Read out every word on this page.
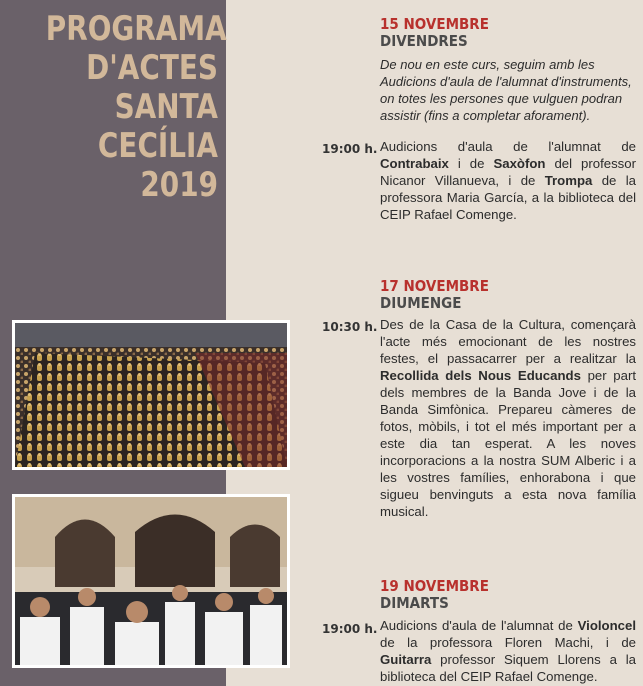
PROGRAMA
D'ACTES
SANTA
CECÍLIA
2019
15 NOVEMBRE
DIVENDRES
De nou en este curs, seguim amb les Audicions d'aula de l'alumnat d'instruments, on totes les persones que vulguen podran assistir (fins a completar aforament).
19:00 h. Audicions d'aula de l'alumnat de Contrabaix i de Saxòfon del professor Nicanor Villanueva, i de Trompa de la professora Maria García, a la biblioteca del CEIP Rafael Comenge.
17 NOVEMBRE
DIUMENGE
10:30 h. Des de la Casa de la Cultura, començarà l'acte més emocionant de les nostres festes, el passacarrer per a realitzar la Recollida dels Nous Educands per part dels membres de la Banda Jove i de la Banda Simfònica. Prepareu càmeres de fotos, mòbils, i tot el més important per a este dia tan esperat. A les noves incorporacions a la nostra SUM Alberic i a les vostres famílies, enhorabona i que sigueu benvinguts a esta nova família musical.
19 NOVEMBRE
DIMARTS
19:00 h. Audicions d'aula de l'alumnat de Violoncel de la professora Floren Machi, i de Guitarra professor Siquem Llorens a la biblioteca del CEIP Rafael Comenge.
